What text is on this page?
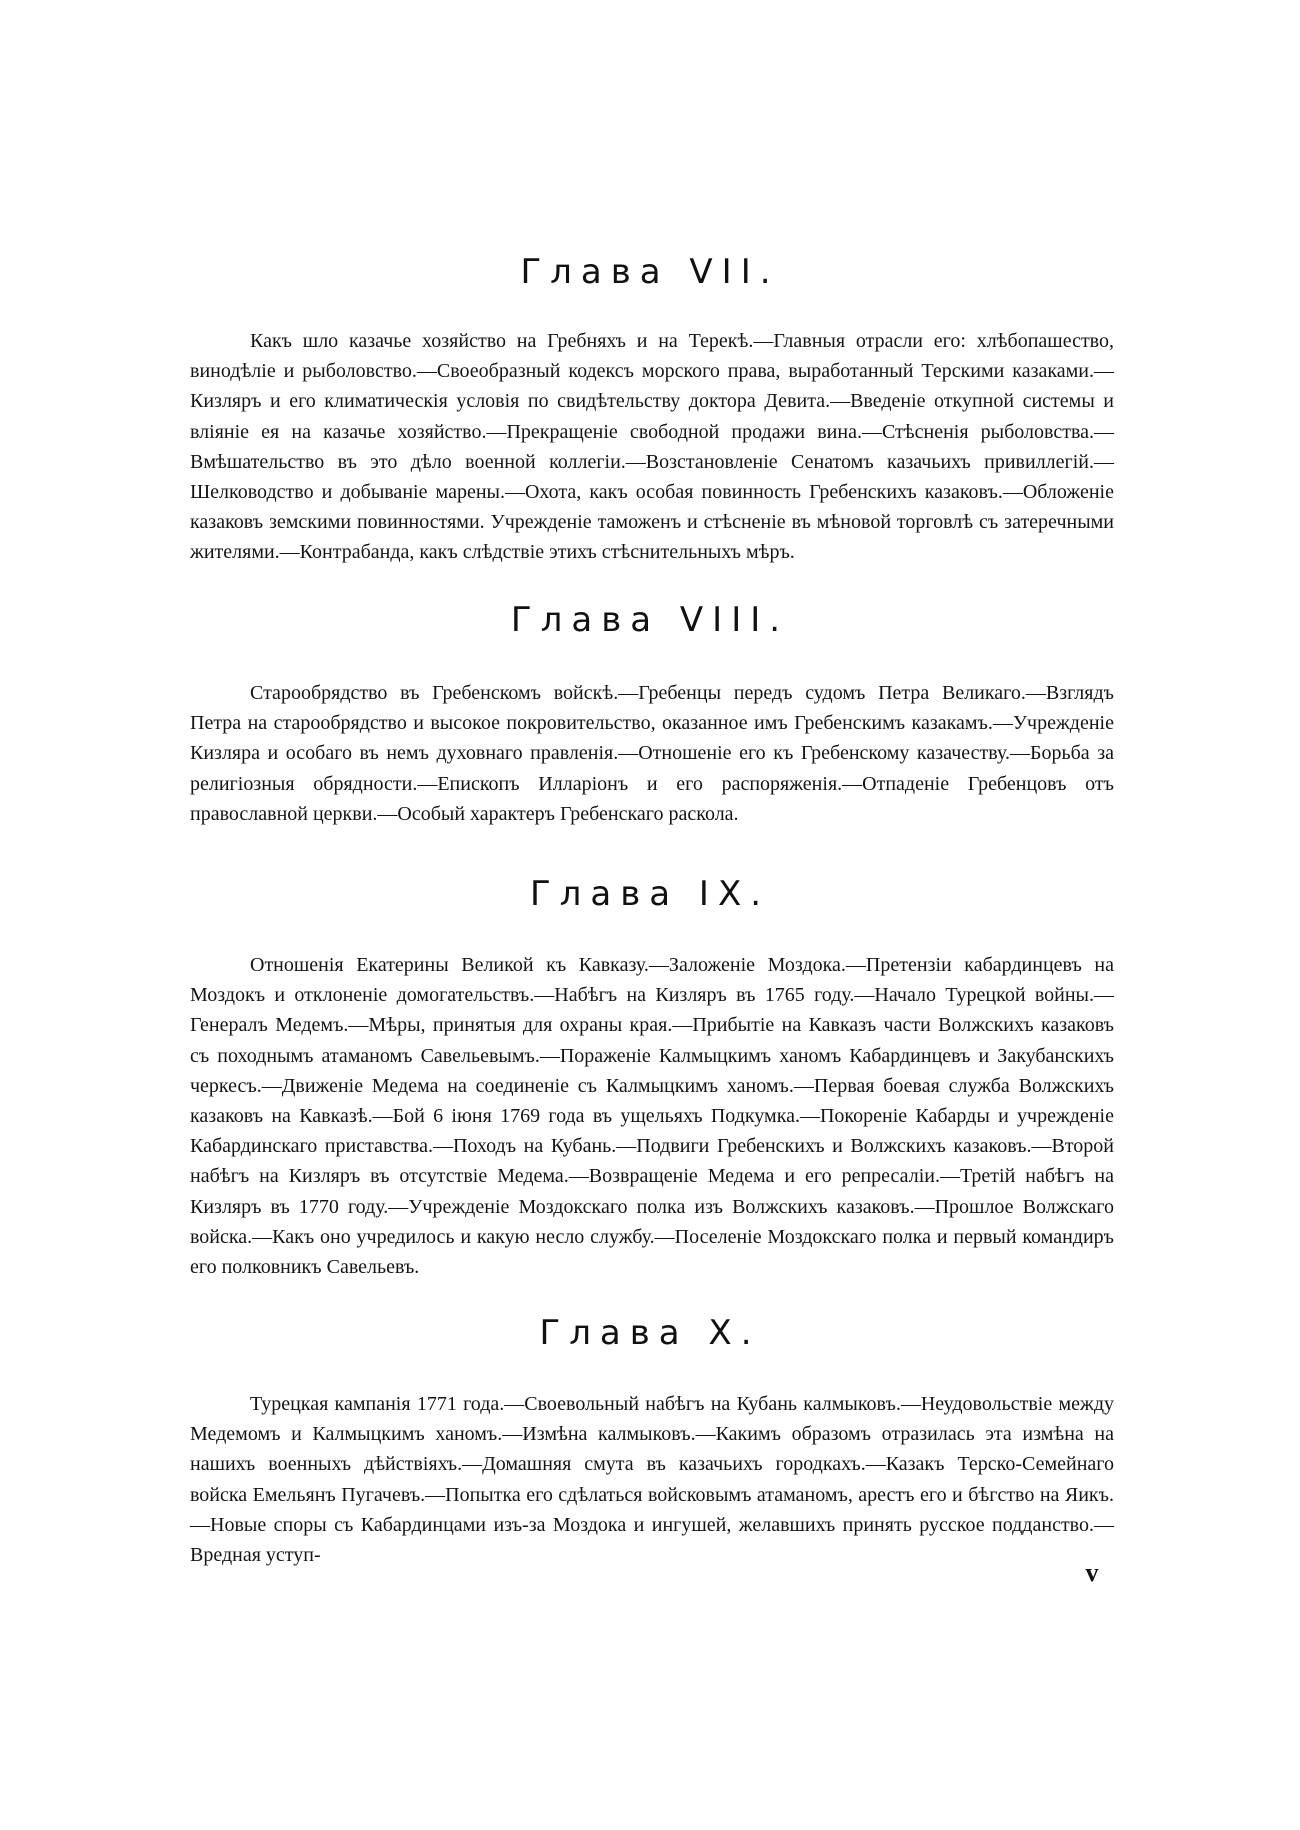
Глава VII.

Какъ шло казачье хозяйство на Гребняхъ и на Терекѣ.—Главныя отрасли его: хлѣбопашество, винодѣліе и рыболовство.—Своеобразный кодексъ морского права, выработанный Терскими казаками.—Кизляръ и его климатическія условія по свидѣтельству доктора Девита.—Введеніе откупной системы и вліяніе ея на казачье хозяйство.—Прекращеніе свободной продажи вина.—Стѣсненія рыболовства.—Вмѣшательство въ это дѣло военной коллегіи.—Возстановленіе Сенатомъ казачьихъ привиллегій.—Шелководство и добываніе марены.—Охота, какъ особая повинность Гребенскихъ казаковъ.—Обложеніе казаковъ земскими повинностями. Учрежденіе таможенъ и стѣсненіе въ мѣновой торговлѣ съ затеречными жителями.—Контрабанда, какъ слѣдствіе этихъ стѣснительныхъ мѣръ.

Глава VIII.

Старообрядство въ Гребенскомъ войскѣ.—Гребенцы передъ судомъ Петра Великаго.—Взглядъ Петра на старообрядство и высокое покровительство, оказанное имъ Гребенскимъ казакамъ.—Учрежденіе Кизляра и особаго въ немъ духовнаго правленія.—Отношеніе его къ Гребенскому казачеству.—Борьба за религіозныя обрядности.—Епископъ Илларіонъ и его распоряженія.—Отпаденіе Гребенцовъ отъ православной церкви.—Особый характеръ Гребенскаго раскола.

Глава IX.

Отношенія Екатерины Великой къ Кавказу.—Заложеніе Моздока.—Претензіи кабардинцевъ на Моздокъ и отклоненіе домогательствъ.—Набѣгъ на Кизляръ въ 1765 году.—Начало Турецкой войны.—Генералъ Медемъ.—Мѣры, принятыя для охраны края.—Прибытіе на Кавказъ части Волжскихъ казаковъ съ походнымъ атаманомъ Савельевымъ.—Пораженіе Калмыцкимъ ханомъ Кабардинцевъ и Закубанскихъ черкесъ.—Движеніе Медема на соединеніе съ Калмыцкимъ ханомъ.—Первая боевая служба Волжскихъ казаковъ на Кавказѣ.—Бой 6 іюня 1769 года въ ущельяхъ Подкумка.—Покореніе Кабарды и учрежденіе Кабардинскаго приставства.—Походъ на Кубань.—Подвиги Гребенскихъ и Волжскихъ казаковъ.—Второй набѣгъ на Кизляръ въ отсутствіе Медема.—Возвращеніе Медема и его репресаліи.—Третій набѣгъ на Кизляръ въ 1770 году.—Учрежденіе Моздокскаго полка изъ Волжскихъ казаковъ.—Прошлое Волжскаго войска.—Какъ оно учредилось и какую несло службу.—Поселеніе Моздокскаго полка и первый командиръ его полковникъ Савельевъ.

Глава X.

Турецкая кампанія 1771 года.—Своевольный набѣгъ на Кубань калмыковъ.—Неудовольствіе между Медемомъ и Калмыцкимъ ханомъ.—Измѣна калмыковъ.—Какимъ образомъ отразилась эта измѣна на нашихъ военныхъ дѣйствіяхъ.—Домашняя смута въ казачьихъ городкахъ.—Казакъ Терско-Семейнаго войска Емельянъ Пугачевъ.—Попытка его сдѣлаться войсковымъ атаманомъ, арестъ его и бѣгство на Яикъ.—Новые споры съ Кабардинцами изъ-за Моздока и ингушей, желавшихъ принять русское подданство.—Вредная уступ-

v
